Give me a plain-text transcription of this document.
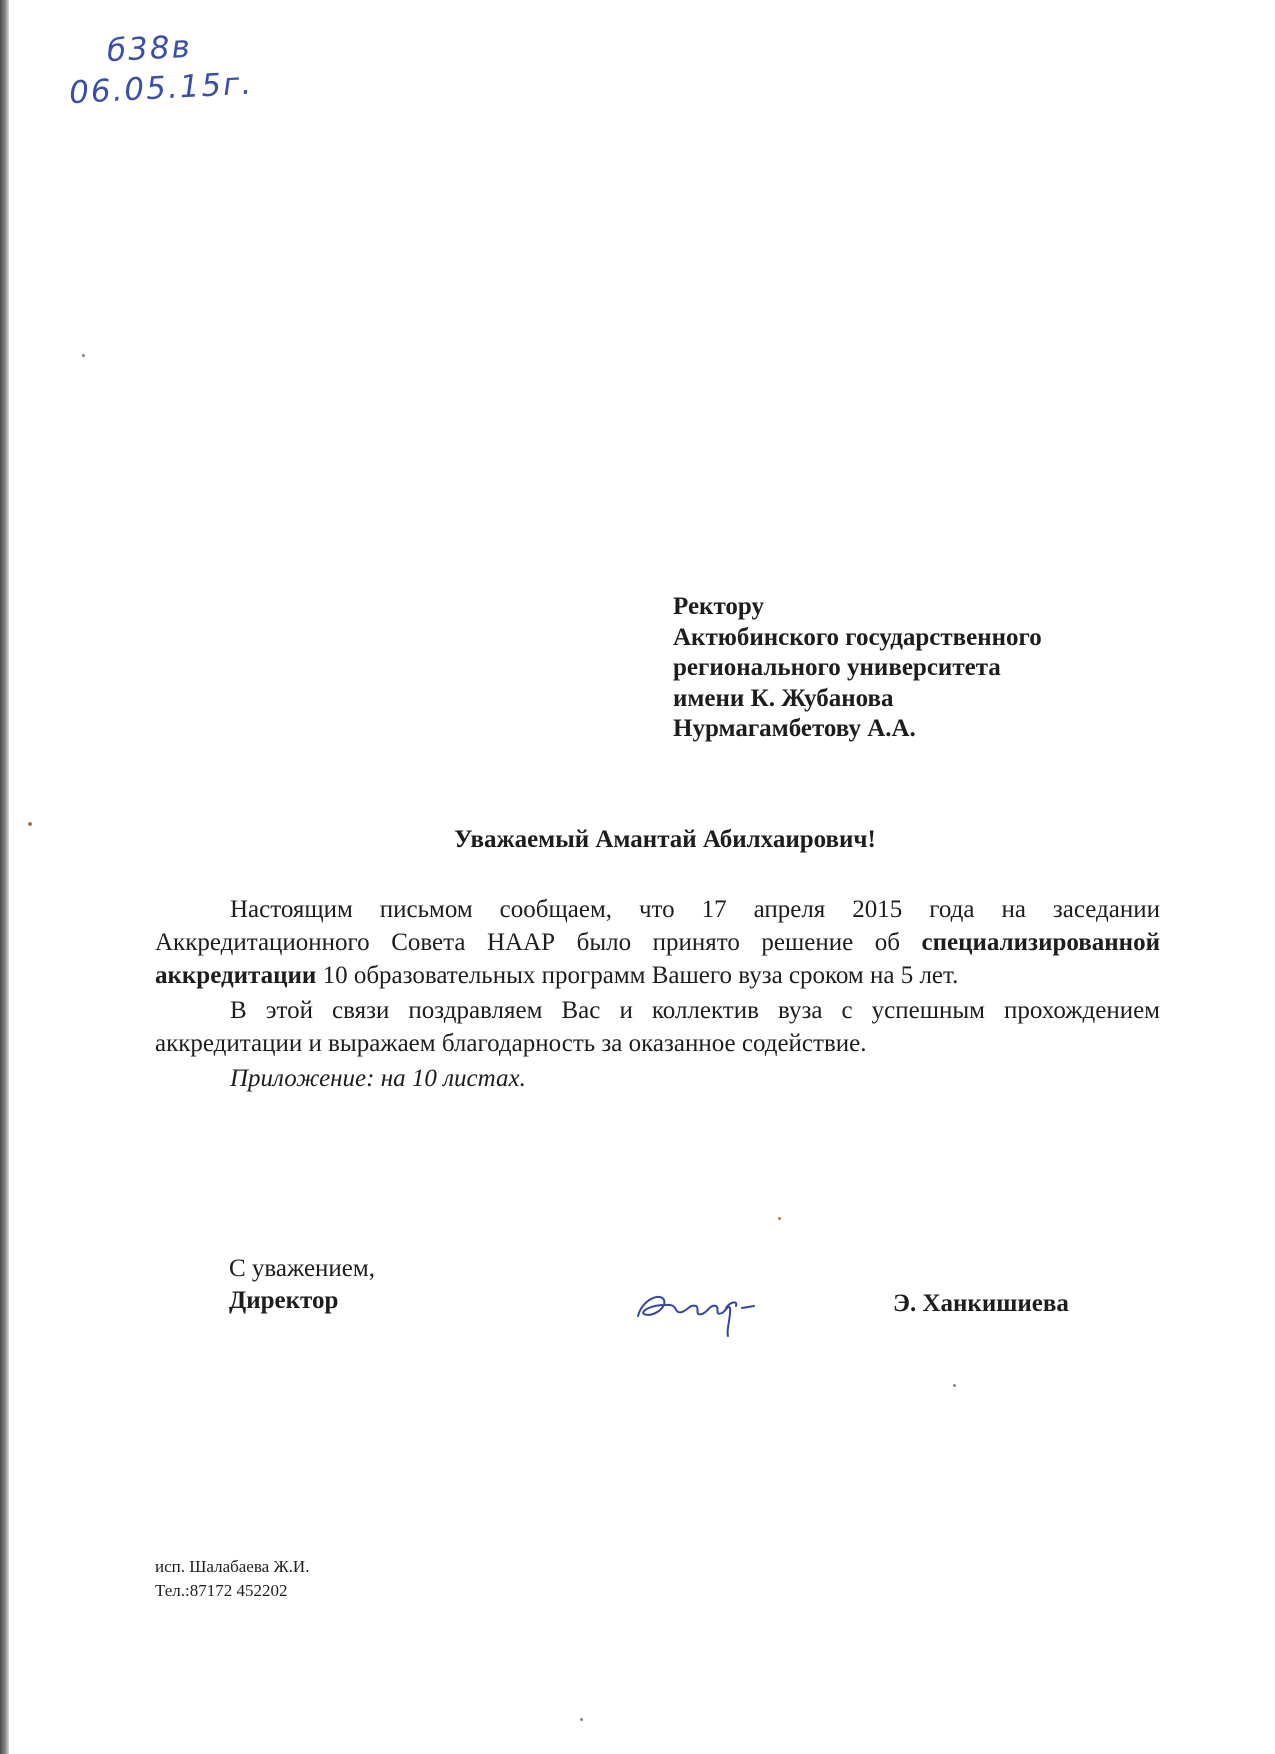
б38в
06.05.15г.
Ректору
Актюбинского государственного
регионального университета
имени К. Жубанова
Нурмагамбетову А.А.
Уважаемый Амантай Абилхаирович!

Настоящим письмом сообщаем, что 17 апреля 2015 года на заседании Аккредитационного Совета НААР было принято решение об специализированной аккредитации 10 образовательных программ Вашего вуза сроком на 5 лет.

В этой связи поздравляем Вас и коллектив вуза с успешным прохождением аккредитации и выражаем благодарность за оказанное содействие.

Приложение: на 10 листах.

С уважением,
Директор	Э. Ханкишиева
исп. Шалабаева Ж.И.
Тел.:87172 452202
